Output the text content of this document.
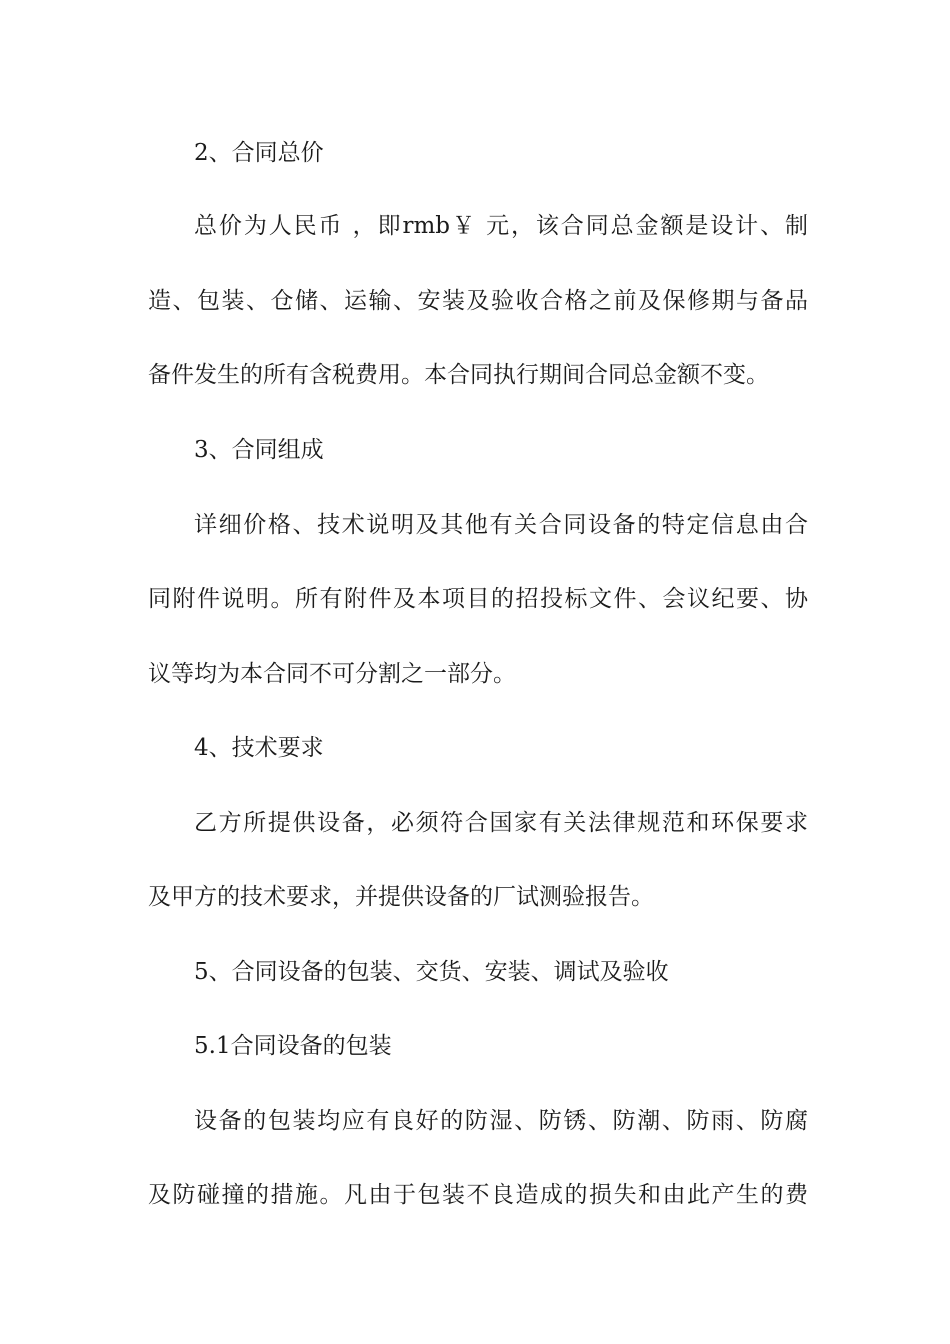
2、合同总价
总价为人民币 ，即rmb￥ 元，该合同总金额是设计、制
造、包装、仓储、运输、安装及验收合格之前及保修期与备品
备件发生的所有含税费用。本合同执行期间合同总金额不变。
3、合同组成
详细价格、技术说明及其他有关合同设备的特定信息由合
同附件说明。所有附件及本项目的招投标文件、会议纪要、协
议等均为本合同不可分割之一部分。
4、技术要求
乙方所提供设备，必须符合国家有关法律规范和环保要求
及甲方的技术要求，并提供设备的厂试测验报告。
5、合同设备的包装、交货、安装、调试及验收
5.1合同设备的包装
设备的包装均应有良好的防湿、防锈、防潮、防雨、防腐
及防碰撞的措施。凡由于包装不良造成的损失和由此产生的费
